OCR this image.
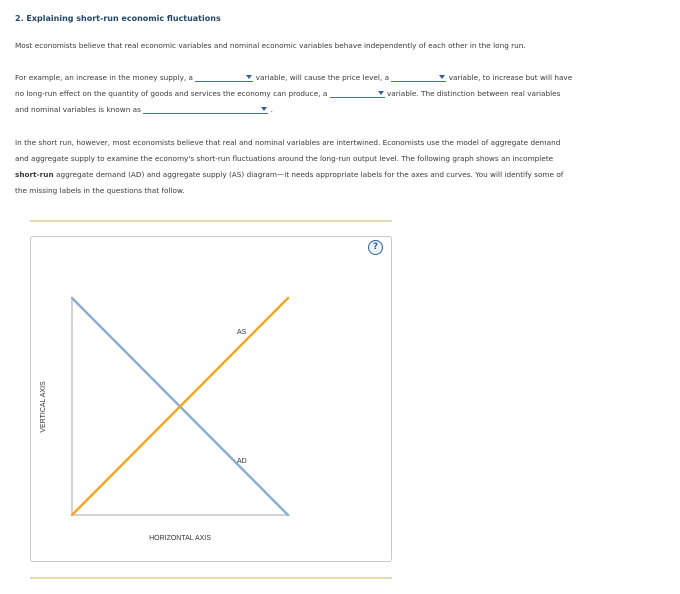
2. Explaining short-run economic fluctuations
Most economists believe that real economic variables and nominal economic variables behave independently of each other in the long run.
For example, an increase in the money supply, a	variable, will cause the price level, a	variable, to increase but will have
no long-run effect on the quantity of goods and services the economy can produce, a	variable. The distinction between real variables
and nominal variables is known as	.
In the short run, however, most economists believe that real and nominal variables are intertwined. Economists use the model of aggregate demand
and aggregate supply to examine the economy's short-run fluctuations around the long-run output level. The following graph shows an incomplete
short-run aggregate demand (AD) and aggregate supply (AS) diagram—it needs appropriate labels for the axes and curves. You will identify some of
the missing labels in the questions that follow.
?
AD
AS
HORIZONTAL AXIS
VERTICAL AXIS
